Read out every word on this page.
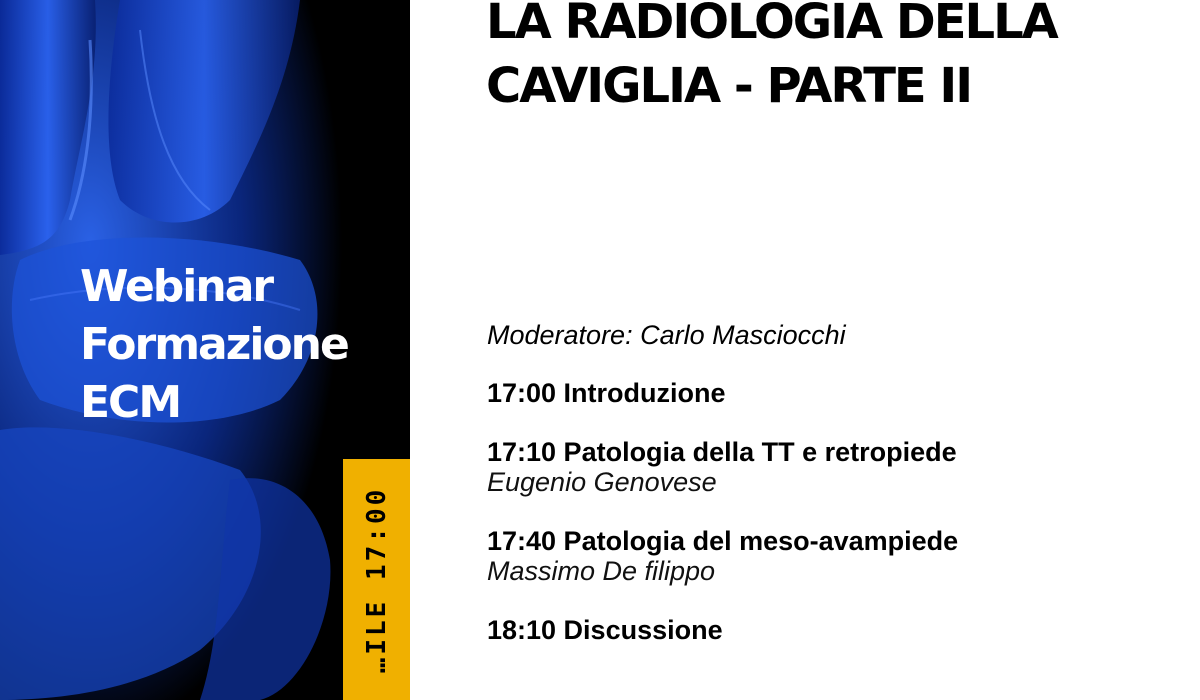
Webinar
Formazione
ECM
…ILE 17:00
LA RADIOLOGIA DELLA
CAVIGLIA - PARTE II
Moderatore: Carlo Masciocchi
17:00 Introduzione
17:10 Patologia della TT e retropiede
Eugenio Genovese
17:40 Patologia del meso-avampiede
Massimo De filippo
18:10 Discussione
